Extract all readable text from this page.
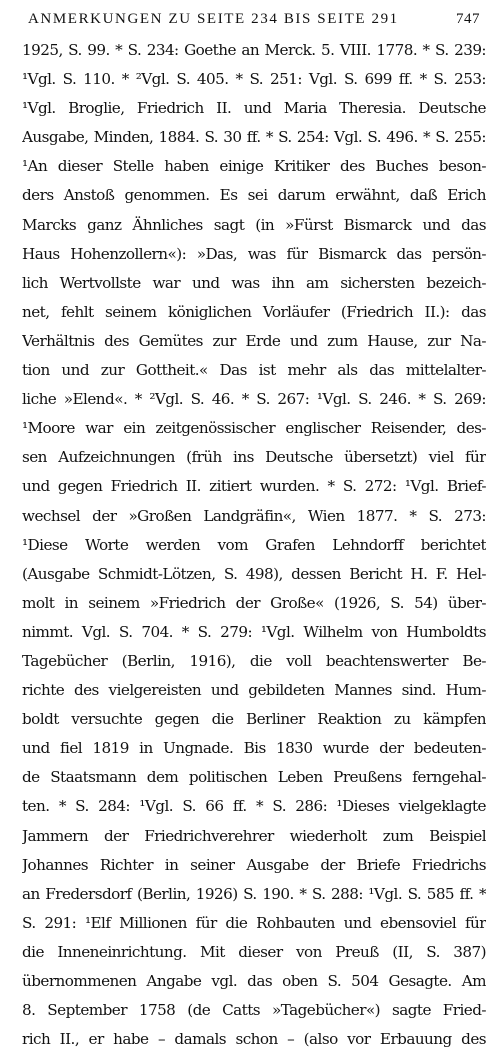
ANMERKUNGEN ZU SEITE 234 BIS SEITE 291	747
1925, S. 99. * S. 234: Goethe an Merck. 5. VIII. 1778. * S. 239:
¹Vgl. S. 110. * ²Vgl. S. 405. * S. 251: Vgl. S. 699 ff. * S. 253:
¹Vgl. Broglie, Friedrich II. und Maria Theresia. Deutsche
Ausgabe, Minden, 1884. S. 30 ff. * S. 254: Vgl. S. 496. * S. 255:
¹An dieser Stelle haben einige Kritiker des Buches beson-
ders Anstoß genommen. Es sei darum erwähnt, daß Erich
Marcks ganz Ähnliches sagt (in »Fürst Bismarck und das
Haus Hohenzollern«): »Das, was für Bismarck das persön-
lich Wertvollste war und was ihn am sichersten bezeich-
net, fehlt seinem königlichen Vorläufer (Friedrich II.): das
Verhältnis des Gemütes zur Erde und zum Hause, zur Na-
tion und zur Gottheit.« Das ist mehr als das mittelalter-
liche »Elend«. * ²Vgl. S. 46. * S. 267: ¹Vgl. S. 246. * S. 269:
¹Moore war ein zeitgenössischer englischer Reisender, des-
sen Aufzeichnungen (früh ins Deutsche übersetzt) viel für
und gegen Friedrich II. zitiert wurden. * S. 272: ¹Vgl. Brief-
wechsel der »Großen Landgräfin«, Wien 1877. * S. 273:
¹Diese Worte werden vom Grafen Lehndorff berichtet
(Ausgabe Schmidt-Lötzen, S. 498), dessen Bericht H. F. Hel-
molt in seinem »Friedrich der Große« (1926, S. 54) über-
nimmt. Vgl. S. 704. * S. 279: ¹Vgl. Wilhelm von Humboldts
Tagebücher (Berlin, 1916), die voll beachtenswerter Be-
richte des vielgereisten und gebildeten Mannes sind. Hum-
boldt versuchte gegen die Berliner Reaktion zu kämpfen
und fiel 1819 in Ungnade. Bis 1830 wurde der bedeuten-
de Staatsmann dem politischen Leben Preußens ferngehal-
ten. * S. 284: ¹Vgl. S. 66 ff. * S. 286: ¹Dieses vielgeklagte
Jammern der Friedrichverehrer wiederholt zum Beispiel
Johannes Richter in seiner Ausgabe der Briefe Friedrichs
an Fredersdorf (Berlin, 1926) S. 190. * S. 288: ¹Vgl. S. 585 ff. *
S. 291: ¹Elf Millionen für die Rohbauten und ebensoviel für
die Inneneinrichtung. Mit dieser von Preuß (II, S. 387)
übernommenen Angabe vgl. das oben S. 504 Gesagte. Am
8. September 1758 (de Catts »Tagebücher«) sagte Fried-
rich II., er habe – damals schon – (also vor Erbauung des
